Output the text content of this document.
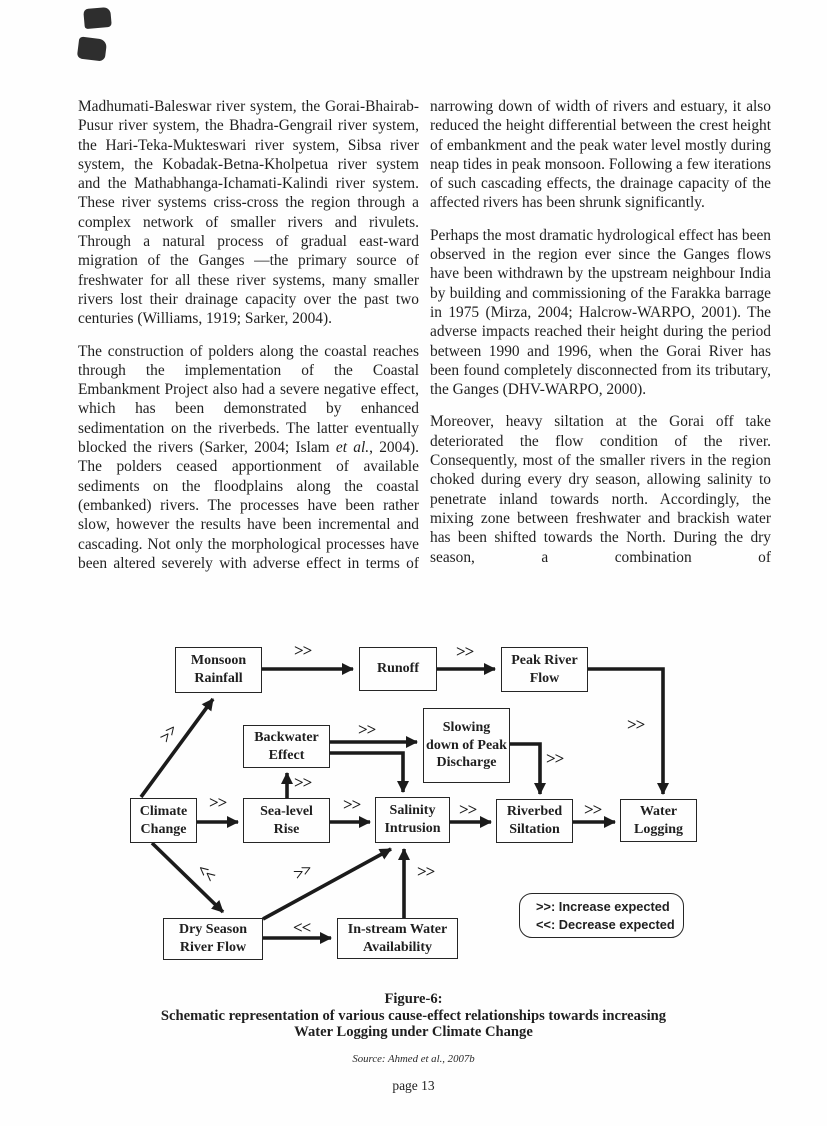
Madhumati-Baleswar river system, the Gorai-Bhairab-Pusur river system, the Bhadra-Gengrail river system, the Hari-Teka-Mukteswari river system, Sibsa river system, the Kobadak-Betna-Kholpetua river system and the Mathabhanga-Ichamati-Kalindi river system. These river systems criss-cross the region through a complex network of smaller rivers and rivulets. Through a natural process of gradual east-ward migration of the Ganges —the primary source of freshwater for all these river systems, many smaller rivers lost their drainage capacity over the past two centuries (Williams, 1919; Sarker, 2004).

The construction of polders along the coastal reaches through the implementation of the Coastal Embankment Project also had a severe negative effect, which has been demonstrated by enhanced sedimentation on the riverbeds. The latter eventually blocked the rivers (Sarker, 2004; Islam et al., 2004). The polders ceased apportionment of available sediments on the floodplains along the coastal (embanked) rivers. The processes have been rather slow, however the results have been incremental and cascading. Not only the morphological processes have been altered severely with adverse effect in terms of

narrowing down of width of rivers and estuary, it also reduced the height differential between the crest height of embankment and the peak water level mostly during neap tides in peak monsoon. Following a few iterations of such cascading effects, the drainage capacity of the affected rivers has been shrunk significantly.

Perhaps the most dramatic hydrological effect has been observed in the region ever since the Ganges flows have been withdrawn by the upstream neighbour India by building and commissioning of the Farakka barrage in 1975 (Mirza, 2004; Halcrow-WARPO, 2001). The adverse impacts reached their height during the period between 1990 and 1996, when the Gorai River has been found completely disconnected from its tributary, the Ganges (DHV-WARPO, 2000).

Moreover, heavy siltation at the Gorai off take deteriorated the flow condition of the river. Consequently, most of the smaller rivers in the region choked during every dry season, allowing salinity to penetrate inland towards north. Accordingly, the mixing zone between freshwater and brackish water has been shifted towards the North. During the dry season, a combination of

Monsoon Rainfall
Runoff
Peak River Flow
Slowing down of Peak Discharge
Backwater Effect
Climate Change
Sea-level Rise
Salinity Intrusion
Riverbed Siltation
Water Logging
Dry Season River Flow
In-stream Water Availability
>>
>>	>>
>>
>>
>>
>>
>>
>>	>>	>>
<<	>>
<<
>>
>>: Increase expected
<<: Decrease expected
Figure-6:
Schematic representation of various cause-effect relationships towards increasing
Water Logging under Climate Change
Source: Ahmed et al., 2007b
page 13
